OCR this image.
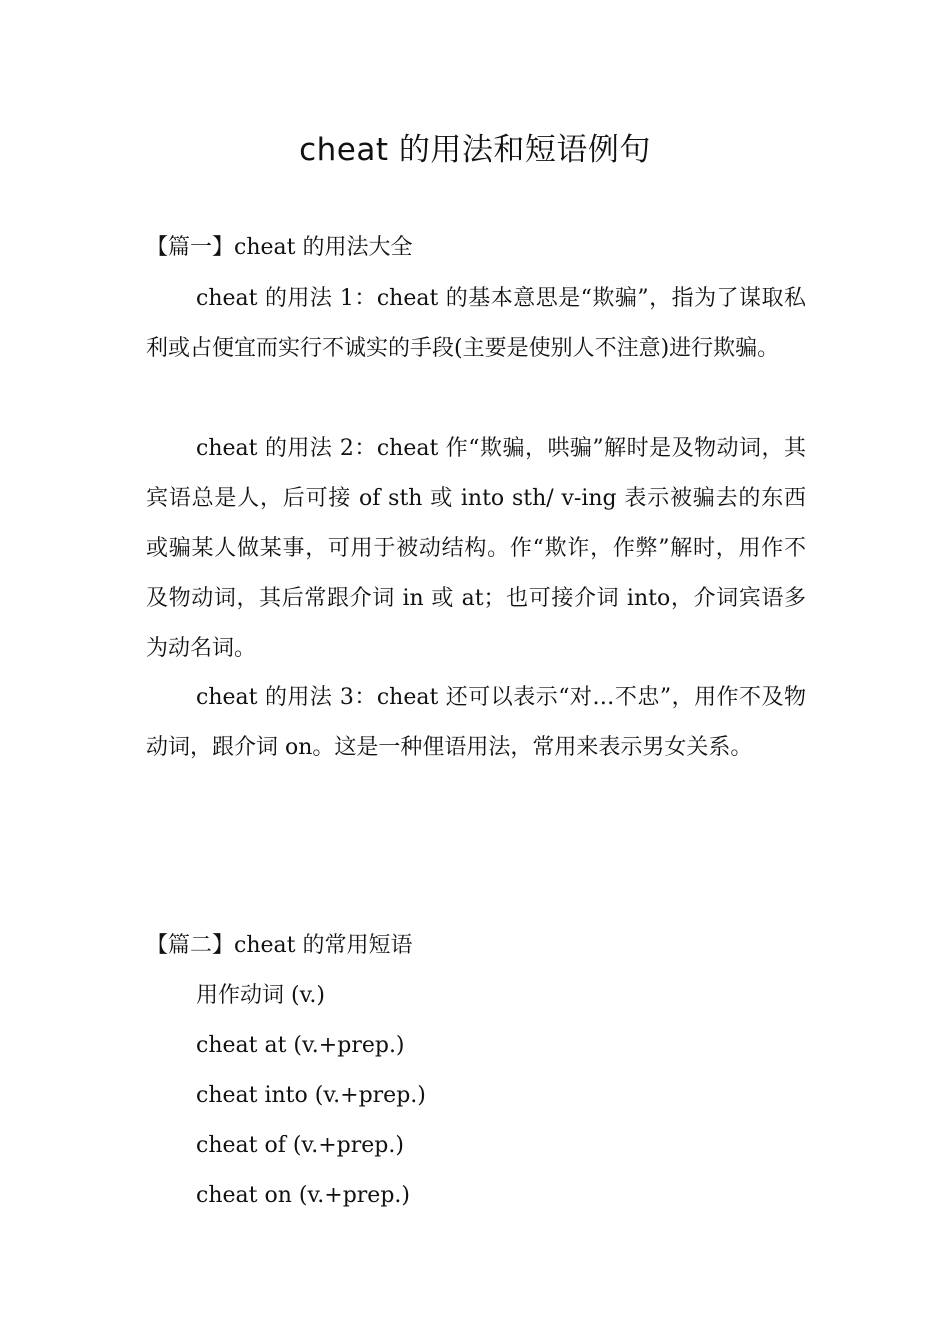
cheat 的用法和短语例句
【篇一】cheat 的用法大全

cheat 的用法 1：cheat 的基本意思是“欺骗”，指为了谋取私利或占便宜而实行不诚实的手段(主要是使别人不注意)进行欺骗。

cheat 的用法 2：cheat 作“欺骗，哄骗”解时是及物动词，其宾语总是人，后可接 of sth 或 into sth/ v-ing 表示被骗去的东西或骗某人做某事，可用于被动结构。作“欺诈，作弊”解时，用作不及物动词，其后常跟介词 in 或 at；也可接介词 into，介词宾语多为动名词。

cheat 的用法 3：cheat 还可以表示“对…不忠”，用作不及物动词，跟介词 on。这是一种俚语用法，常用来表示男女关系。

【篇二】cheat 的常用短语
用作动词 (v.)
cheat at (v.+prep.)
cheat into (v.+prep.)
cheat of (v.+prep.)
cheat on (v.+prep.)
